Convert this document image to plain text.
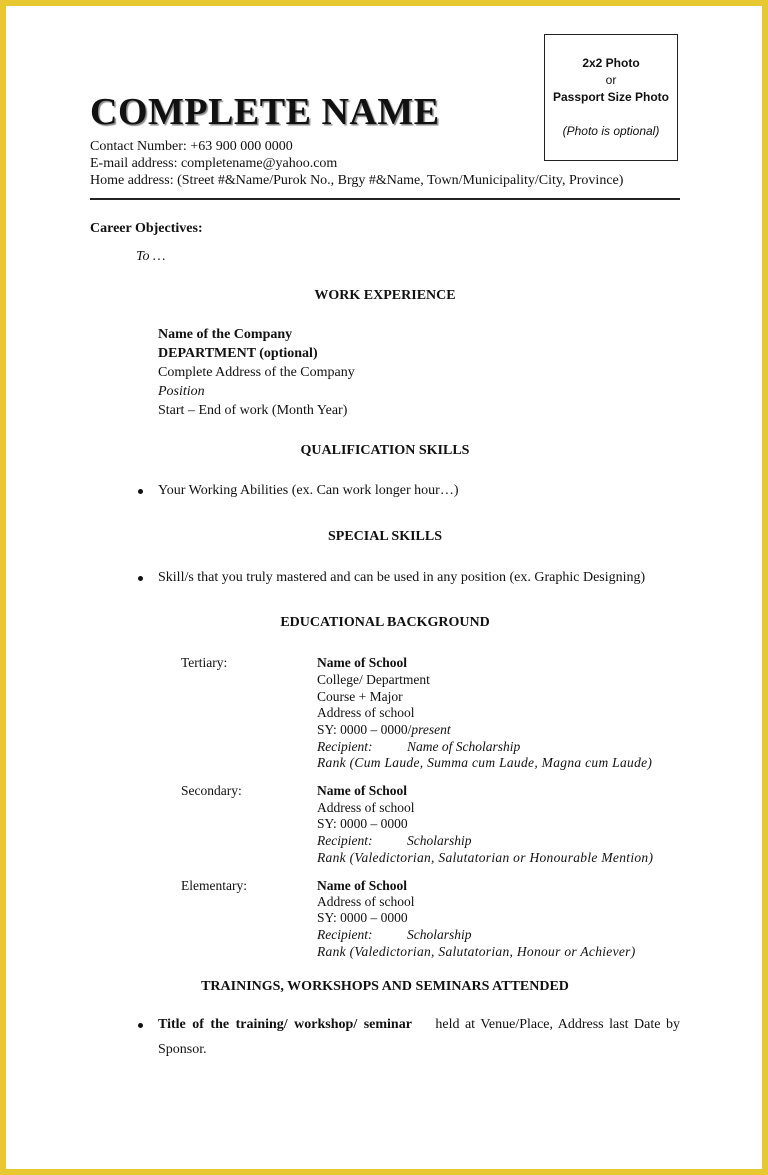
2x2 Photo
or
Passport Size Photo
(Photo is optional)
COMPLETE NAME
Contact Number: +63 900 000 0000
E-mail address: completename@yahoo.com
Home address: (Street #&Name/Purok No., Brgy #&Name, Town/Municipality/City, Province)
Career Objectives:
To …
WORK EXPERIENCE
Name of the Company
DEPARTMENT (optional)
Complete Address of the Company
Position
Start – End of work (Month Year)
QUALIFICATION SKILLS
Your Working Abilities (ex. Can work longer hour…)
SPECIAL SKILLS
Skill/s that you truly mastered and can be used in any position (ex. Graphic Designing)
EDUCATIONAL BACKGROUND
Tertiary:	Name of School
College/ Department
Course + Major
Address of school
SY: 0000 – 0000/present
Recipient:	Name of Scholarship
Rank (Cum Laude, Summa cum Laude, Magna cum Laude)
Secondary:	Name of School
Address of school
SY: 0000 – 0000
Recipient:	Scholarship
Rank (Valedictorian, Salutatorian or Honourable Mention)
Elementary:	Name of School
Address of school
SY: 0000 – 0000
Recipient:	Scholarship
Rank (Valedictorian, Salutatorian, Honour or Achiever)
TRAININGS, WORKSHOPS AND SEMINARS ATTENDED
Title of the training/ workshop/ seminar held at Venue/Place, Address last Date by
Sponsor.
